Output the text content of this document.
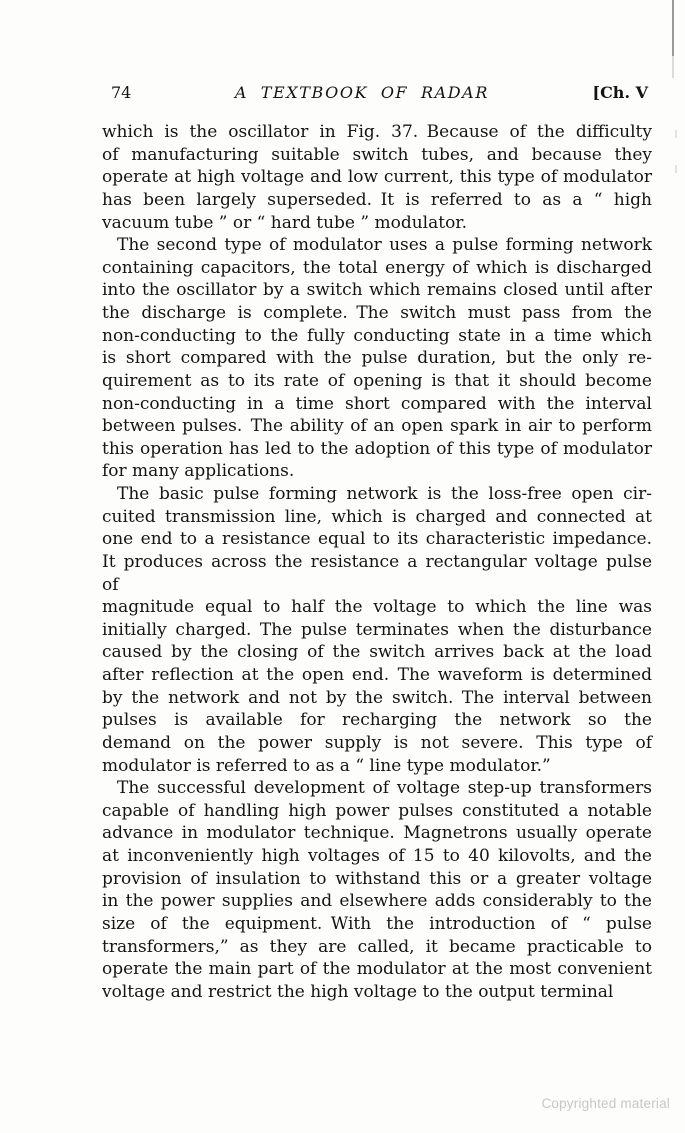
74	A TEXTBOOK OF RADAR	[Ch. V
which is the oscillator in Fig. 37. Because of the difficulty
of manufacturing suitable switch tubes, and because they
operate at high voltage and low current, this type of modulator
has been largely superseded. It is referred to as a “ high
vacuum tube ” or “ hard tube ” modulator.
The second type of modulator uses a pulse forming network
containing capacitors, the total energy of which is discharged
into the oscillator by a switch which remains closed until after
the discharge is complete. The switch must pass from the
non-conducting to the fully conducting state in a time which
is short compared with the pulse duration, but the only re-
quirement as to its rate of opening is that it should become
non-conducting in a time short compared with the interval
between pulses. The ability of an open spark in air to perform
this operation has led to the adoption of this type of modulator
for many applications.
The basic pulse forming network is the loss-free open cir-
cuited transmission line, which is charged and connected at
one end to a resistance equal to its characteristic impedance.
It produces across the resistance a rectangular voltage pulse of
magnitude equal to half the voltage to which the line was
initially charged. The pulse terminates when the disturbance
caused by the closing of the switch arrives back at the load
after reflection at the open end. The waveform is determined
by the network and not by the switch. The interval between
pulses is available for recharging the network so the
demand on the power supply is not severe. This type of
modulator is referred to as a “ line type modulator.”
The successful development of voltage step-up transformers
capable of handling high power pulses constituted a notable
advance in modulator technique. Magnetrons usually operate
at inconveniently high voltages of 15 to 40 kilovolts, and the
provision of insulation to withstand this or a greater voltage
in the power supplies and elsewhere adds considerably to the
size of the equipment. With the introduction of “ pulse
transformers,” as they are called, it became practicable to
operate the main part of the modulator at the most convenient
voltage and restrict the high voltage to the output terminal
Copyrighted material
